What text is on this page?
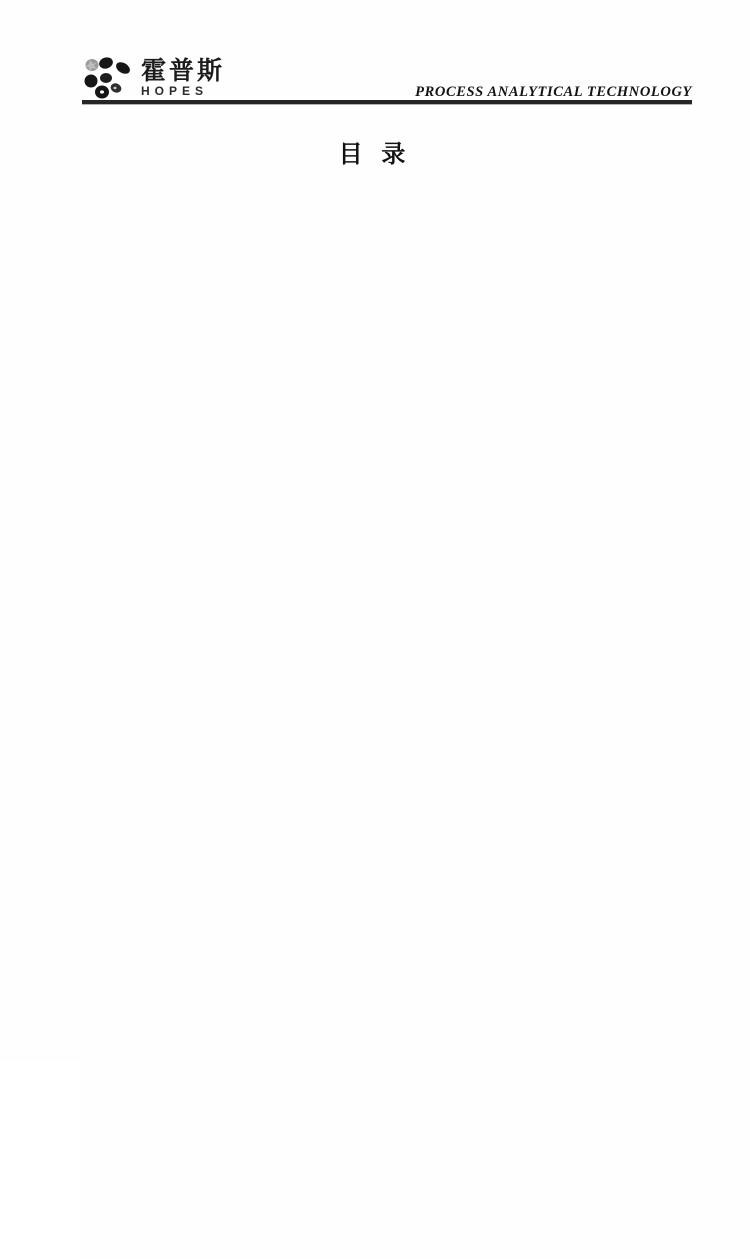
霍普斯
HOPES	PROCESS ANALYTICAL TECHNOLOGY
目 录
